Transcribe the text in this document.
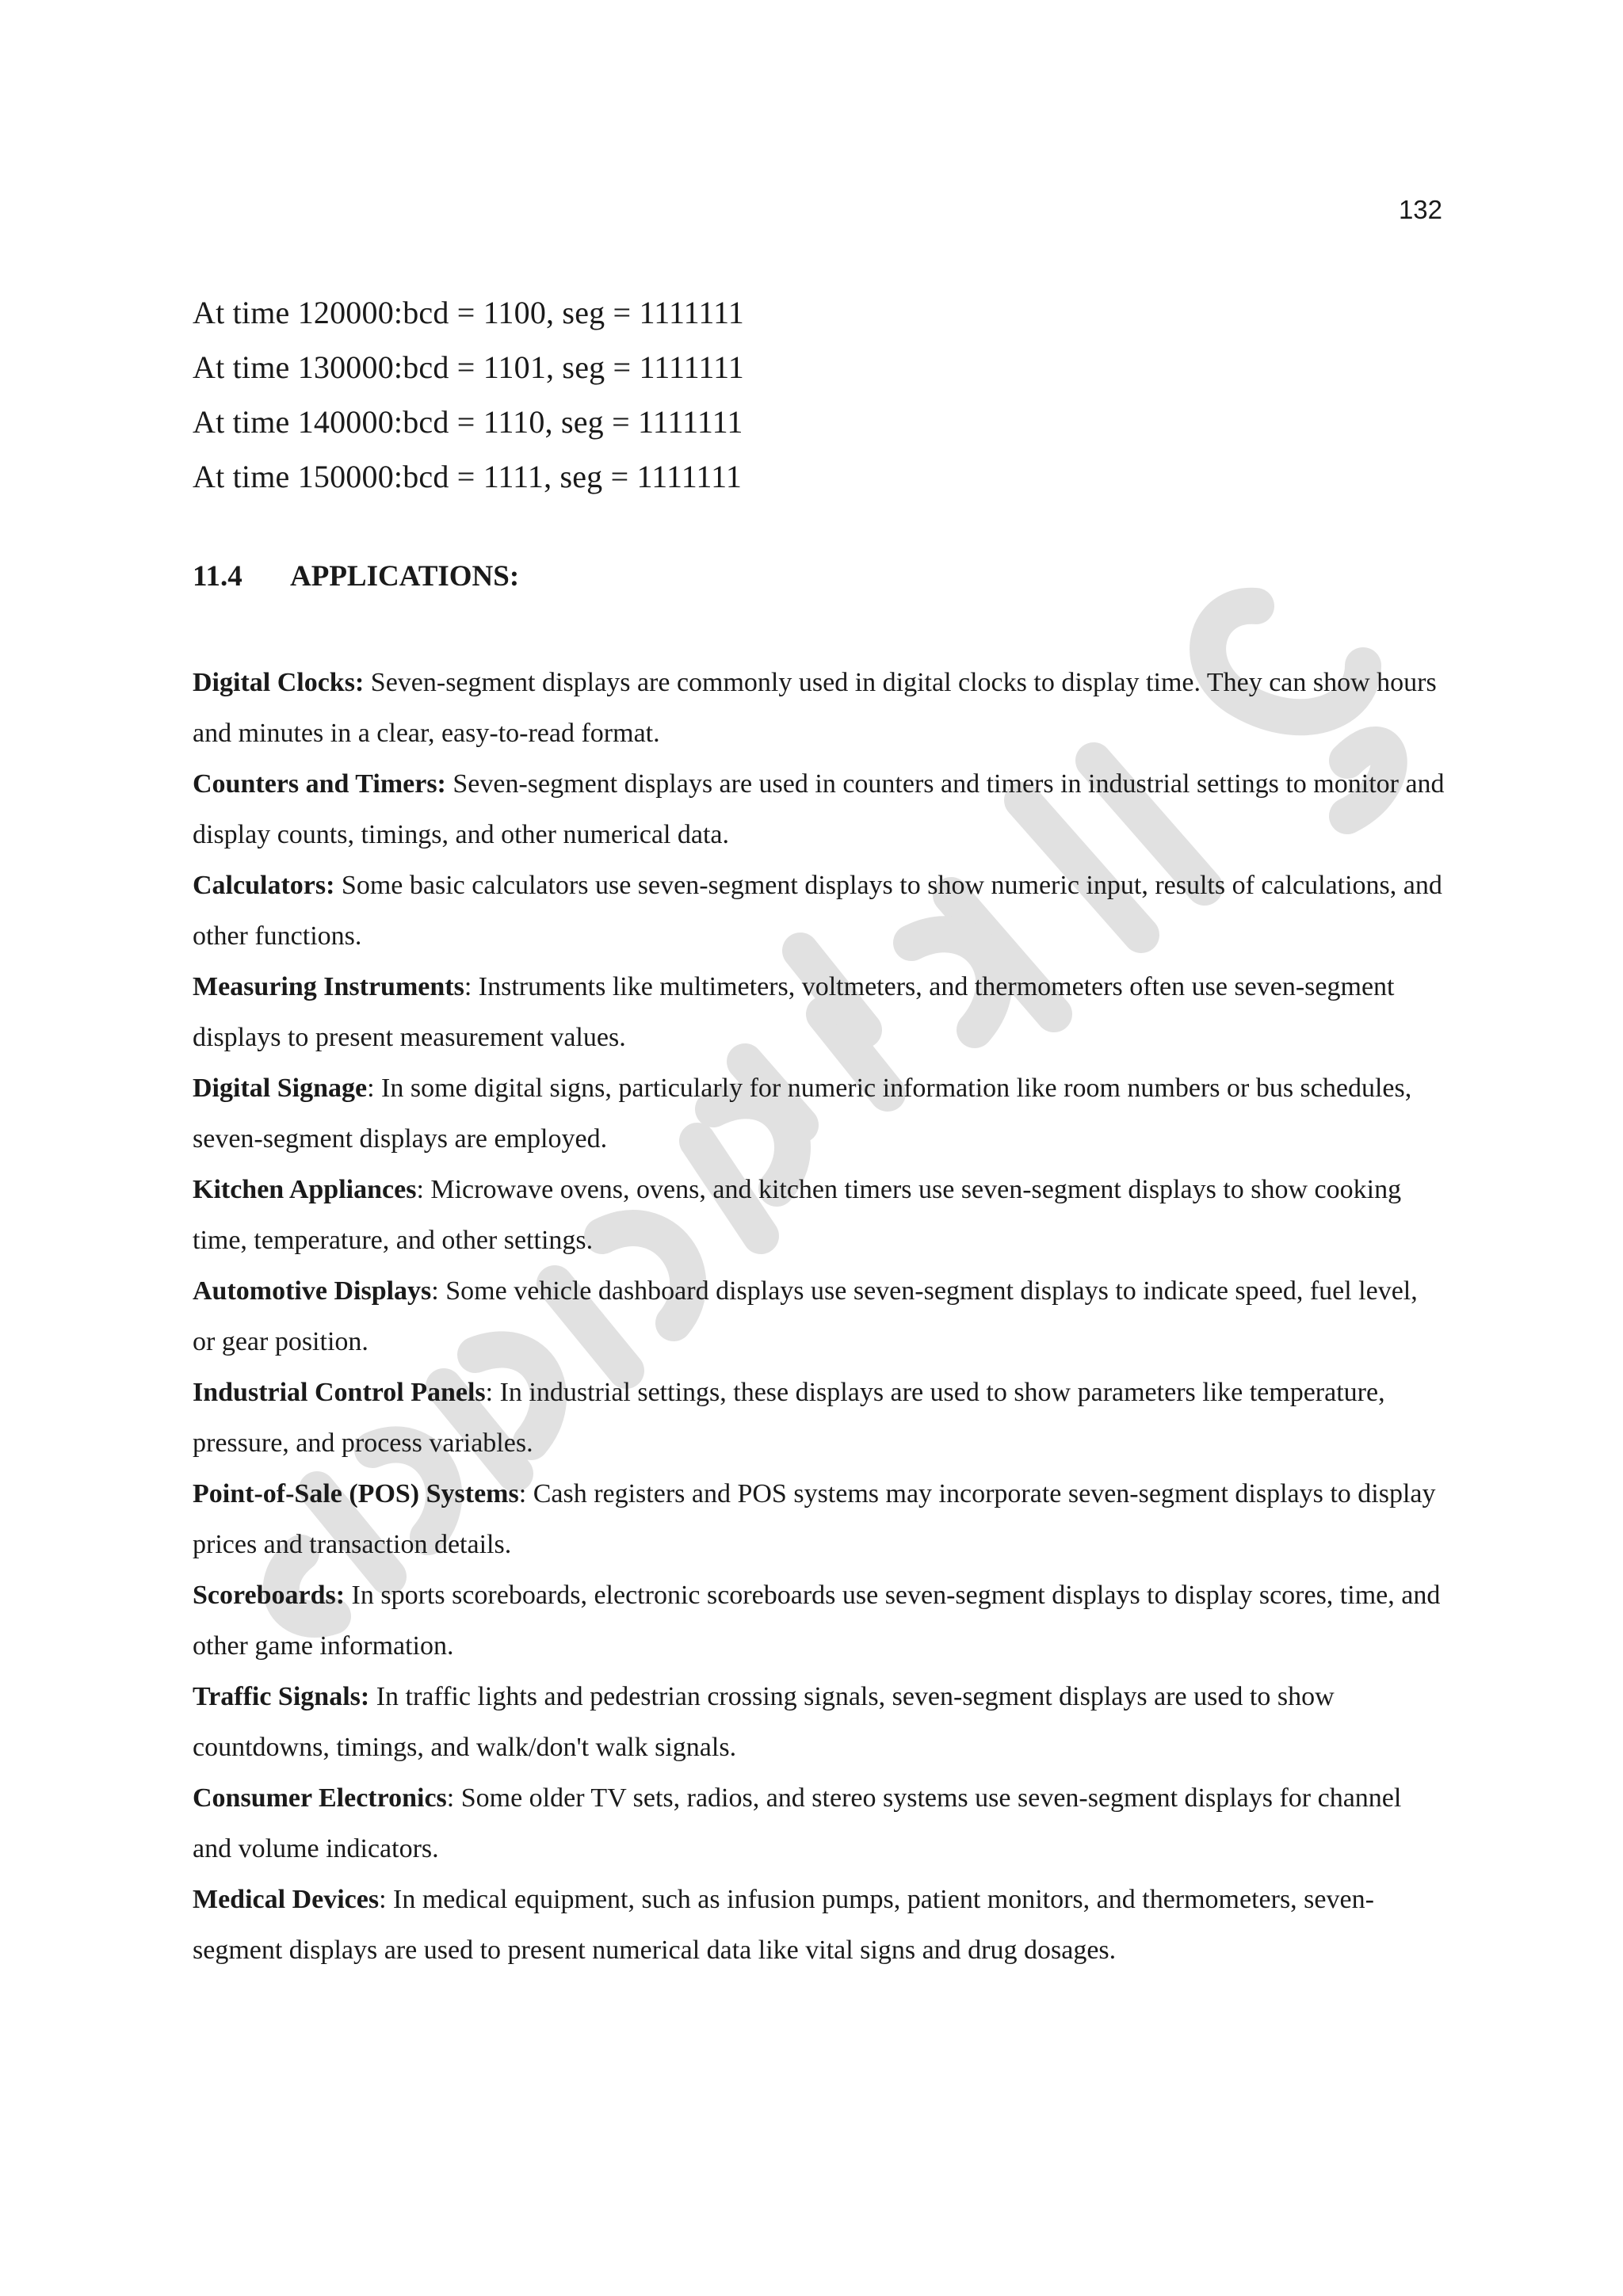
132
At time 120000:bcd = 1100, seg = 1111111
At time 130000:bcd = 1101, seg = 1111111
At time 140000:bcd = 1110, seg = 1111111
At time 150000:bcd = 1111, seg = 1111111
11.4	APPLICATIONS:

Digital Clocks: Seven-segment displays are commonly used in digital clocks to display time. They can show hours and minutes in a clear, easy-to-read format.

Counters and Timers: Seven-segment displays are used in counters and timers in industrial settings to monitor and display counts, timings, and other numerical data.

Calculators: Some basic calculators use seven-segment displays to show numeric input, results of calculations, and other functions.

Measuring Instruments: Instruments like multimeters, voltmeters, and thermometers often use seven-segment displays to present measurement values.

Digital Signage: In some digital signs, particularly for numeric information like room numbers or bus schedules, seven-segment displays are employed.

Kitchen Appliances: Microwave ovens, ovens, and kitchen timers use seven-segment displays to show cooking time, temperature, and other settings.

Automotive Displays: Some vehicle dashboard displays use seven-segment displays to indicate speed, fuel level, or gear position.

Industrial Control Panels: In industrial settings, these displays are used to show parameters like temperature, pressure, and process variables.

Point-of-Sale (POS) Systems: Cash registers and POS systems may incorporate seven-segment displays to display prices and transaction details.

Scoreboards: In sports scoreboards, electronic scoreboards use seven-segment displays to display scores, time, and other game information.

Traffic Signals: In traffic lights and pedestrian crossing signals, seven-segment displays are used to show countdowns, timings, and walk/don't walk signals.

Consumer Electronics: Some older TV sets, radios, and stereo systems use seven-segment displays for channel and volume indicators.

Medical Devices: In medical equipment, such as infusion pumps, patient monitors, and thermometers, seven-segment displays are used to present numerical data like vital signs and drug dosages.
